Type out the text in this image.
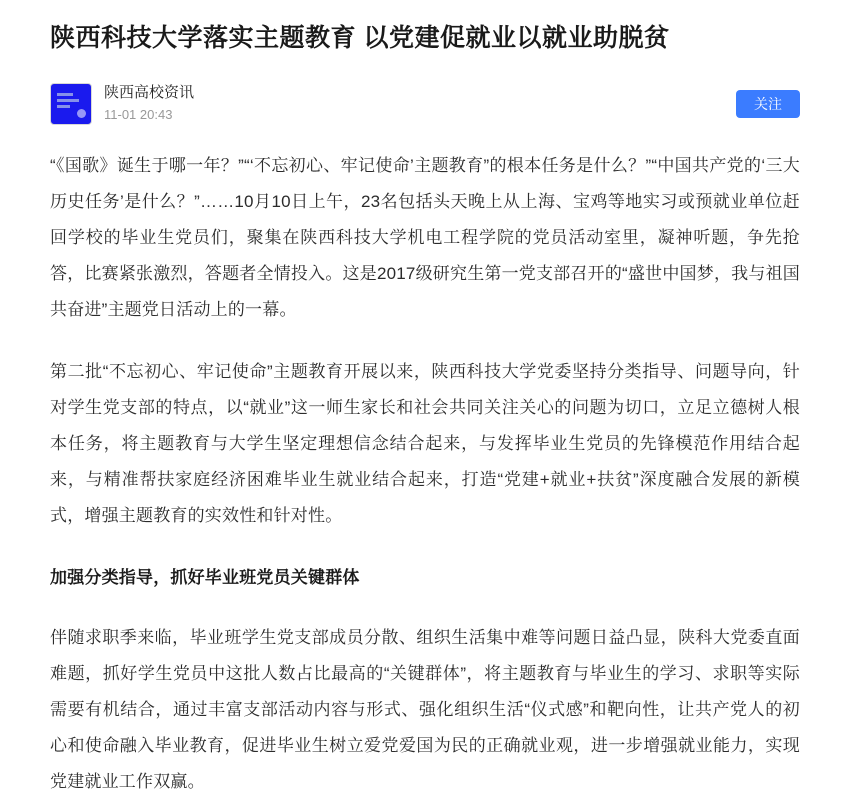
陕西科技大学落实主题教育 以党建促就业以就业助脱贫
陕西高校资讯
11-01 20:43
关注

“《国歌》诞生于哪一年？”“‘不忘初心、牢记使命’主题教育”的根本任务是什么？”“中国共产党的‘三大历史任务’是什么？”……10月10日上午，23名包括头天晚上从上海、宝鸡等地实习或预就业单位赶回学校的毕业生党员们，聚集在陕西科技大学机电工程学院的党员活动室里，凝神听题，争先抢答，比赛紧张激烈，答题者全情投入。这是2017级研究生第一党支部召开的“盛世中国梦，我与祖国共奋进”主题党日活动上的一幕。

第二批“不忘初心、牢记使命”主题教育开展以来，陕西科技大学党委坚持分类指导、问题导向，针对学生党支部的特点，以“就业”这一师生家长和社会共同关注关心的问题为切口，立足立德树人根本任务，将主题教育与大学生坚定理想信念结合起来，与发挥毕业生党员的先锋模范作用结合起来，与精准帮扶家庭经济困难毕业生就业结合起来，打造“党建+就业+扶贫”深度融合发展的新模式，增强主题教育的实效性和针对性。

加强分类指导，抓好毕业班党员关键群体

伴随求职季来临，毕业班学生党支部成员分散、组织生活集中难等问题日益凸显，陕科大党委直面难题，抓好学生党员中这批人数占比最高的“关键群体”，将主题教育与毕业生的学习、求职等实际需要有机结合，通过丰富支部活动内容与形式、强化组织生活“仪式感”和靶向性，让共产党人的初心和使命融入毕业教育，促进毕业生树立爱党爱国为民的正确就业观，进一步增强就业能力，实现党建就业工作双赢。
